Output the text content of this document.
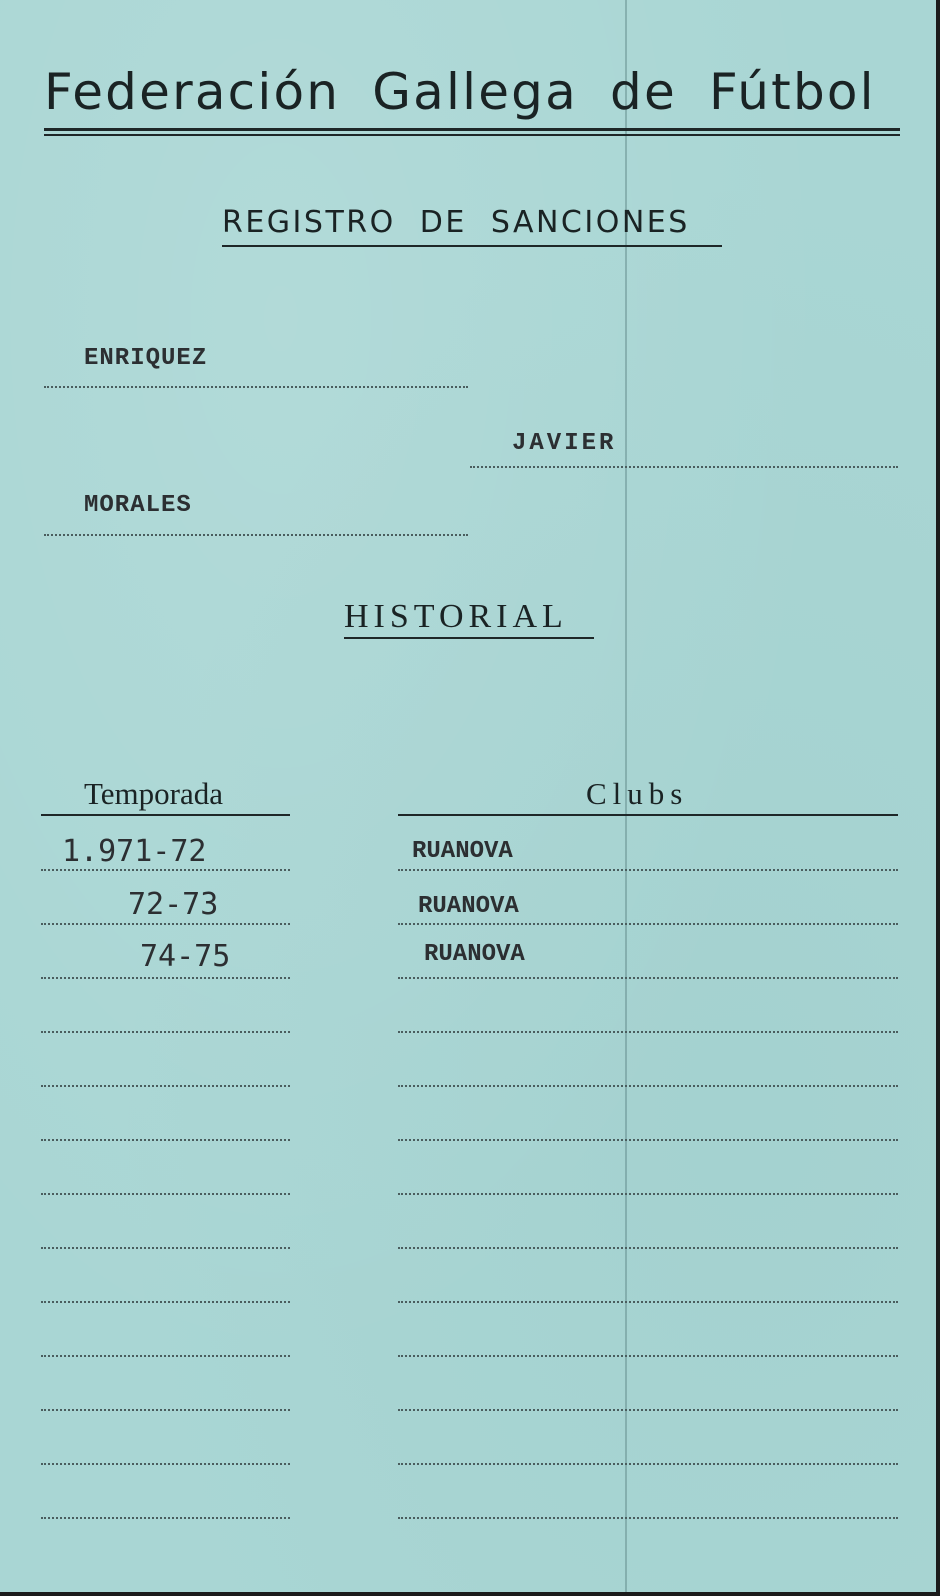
Federación Gallega de Fútbol
REGISTRO DE SANCIONES
ENRIQUEZ
JAVIER
MORALES
HISTORIAL
Temporada	Clubs
1.971-72	RUANOVA
72-73	RUANOVA
74-75	RUANOVA
